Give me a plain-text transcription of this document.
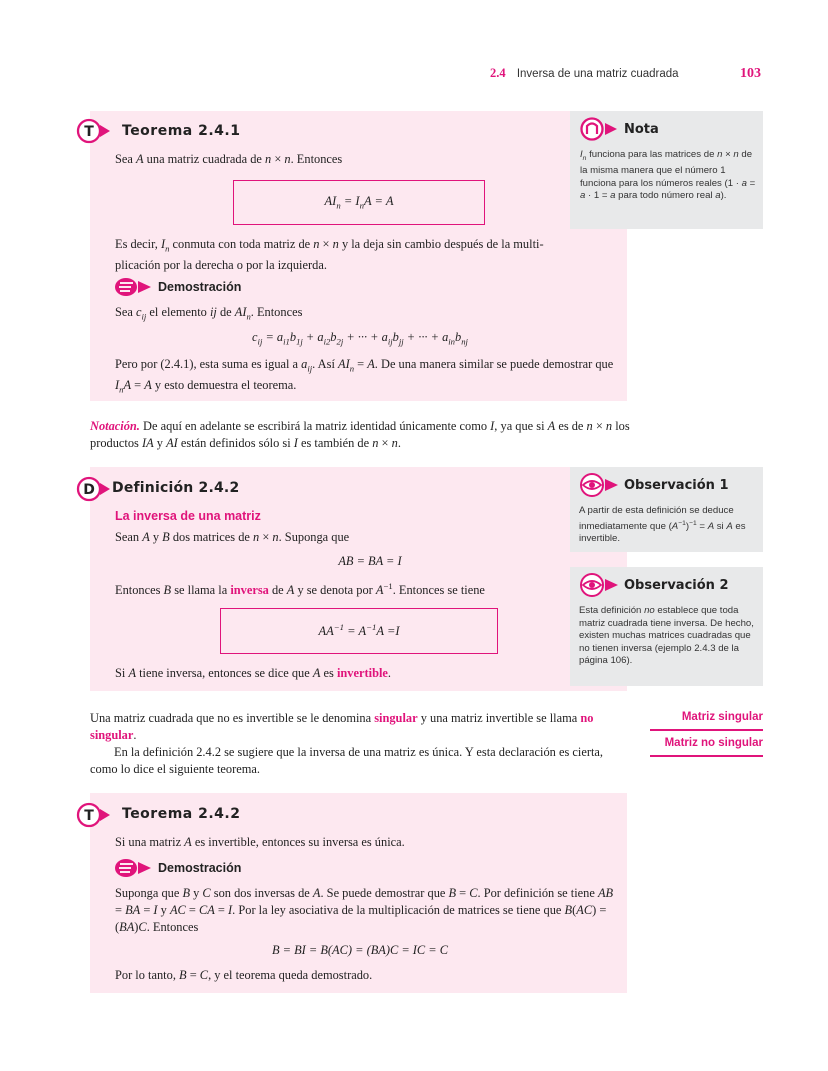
2.4 Inversa de una matriz cuadrada	103
T Teorema 2.4.1
Sea A una matriz cuadrada de n × n. Entonces
$AI_n = I_nA = A$
Es decir, $I_n$ conmuta con toda matriz de n × n y la deja sin cambio después de la multi-
plicación por la derecha o por la izquierda.
Demostración
Sea $c_{ij}$ el elemento ij de $AI_n$. Entonces
$c_{ij} = a_{i1}b_{1j} + a_{i2}b_{2j}$ + ··· + $a_{ij}b_{jj}$ + ··· + $a_{in}b_{nj}$
Pero por (2.4.1), esta suma es igual a $a_{ij}$. Así $AI_n = A$. De una manera similar se puede demostrar que $I_nA = A$ y esto demuestra el teorema.
Nota
$I_n$ funciona para las matrices de n × n de la misma manera que el número 1 funciona para los números reales (1 · a = a · 1 = a para todo número real a).
Notación. De aquí en adelante se escribirá la matriz identidad únicamente como I, ya que si A es de n × n los productos IA y AI están definidos sólo si I es también de n × n.
D Definición 2.4.2
La inversa de una matriz
Sean A y B dos matrices de n × n. Suponga que
AB = BA = I
Entonces B se llama la inversa de A y se denota por $A^{-1}$. Entonces se tiene
$AA^{-1} = A^{-1}A =I$
Si A tiene inversa, entonces se dice que A es invertible.
Observación 1
A partir de esta definición se deduce inmediatamente que $(A^{-1})^{-1} = A$ si A es invertible.
Observación 2
Esta definición no establece que toda matriz cuadrada tiene inversa. De hecho, existen muchas matrices cuadradas que no tienen inversa (ejemplo 2.4.3 de la página 106).
Una matriz cuadrada que no es invertible se le denomina singular y una matriz invertible se llama no singular.
En la definición 2.4.2 se sugiere que la inversa de una matriz es única. Y esta declaración es cierta, como lo dice el siguiente teorema.
Matriz singular
Matriz no singular
T Teorema 2.4.2
Si una matriz A es invertible, entonces su inversa es única.
Demostración
Suponga que B y C son dos inversas de A. Se puede demostrar que B = C. Por definición se tiene AB = BA = I y AC = CA = I. Por la ley asociativa de la multiplicación de matrices se tiene que B(AC) = (BA)C. Entonces
B = BI = B(AC) = (BA)C = IC = C
Por lo tanto, B = C, y el teorema queda demostrado.
